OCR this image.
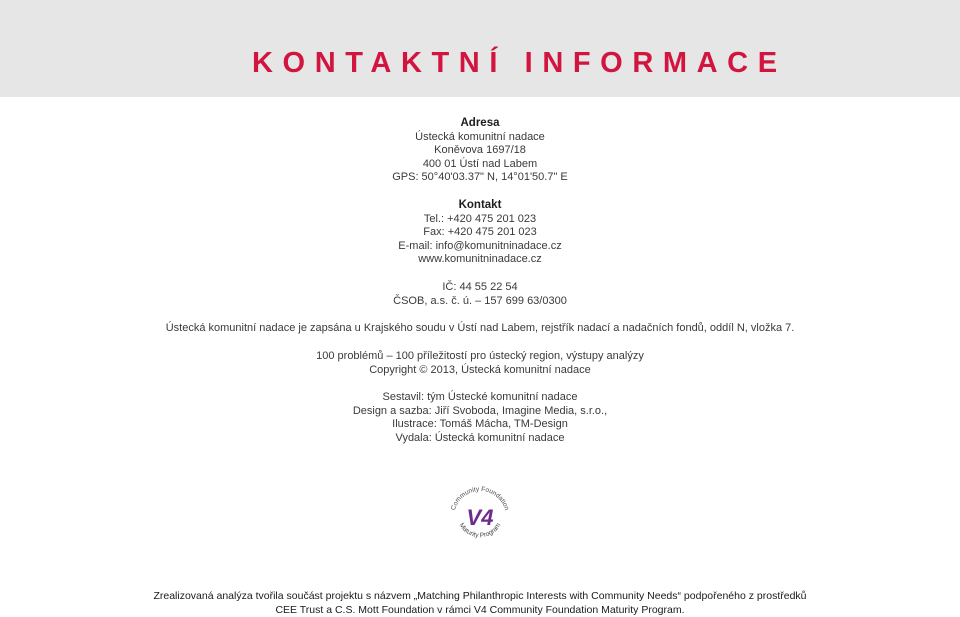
KONTAKTNÍ INFORMACE
Adresa
Ústecká komunitní nadace
Koněvova 1697/18
400 01 Ústí nad Labem
GPS: 50°40'03.37" N, 14°01'50.7" E
Kontakt
Tel.: +420 475 201 023
Fax: +420 475 201 023
E-mail: info@komunitninadace.cz
www.komunitninadace.cz
IČ: 44 55 22 54
ČSOB, a.s. č. ú. – 157 699 63/0300
Ústecká komunitní nadace je zapsána u Krajského soudu v Ústí nad Labem, rejstřík nadací a nadačních fondů, oddíl N, vložka 7.
100 problémů – 100 příležitostí pro ústecký region, výstupy analýzy
Copyright © 2013, Ústecká komunitní nadace
Sestavil: tým Ústecké komunitní nadace
Design a sazba: Jiří Svoboda, Imagine Media, s.r.o.,
Ilustrace: Tomáš Mácha, TM-Design
Vydala: Ústecká komunitní nadace
Community Foundation
Maturity Program
V4
Zrealizovaná analýza tvořila součást projektu s názvem „Matching Philanthropic Interests with Community Needs“ podpořeného z prostředků
CEE Trust a C.S. Mott Foundation v rámci V4 Community Foundation Maturity Program.
